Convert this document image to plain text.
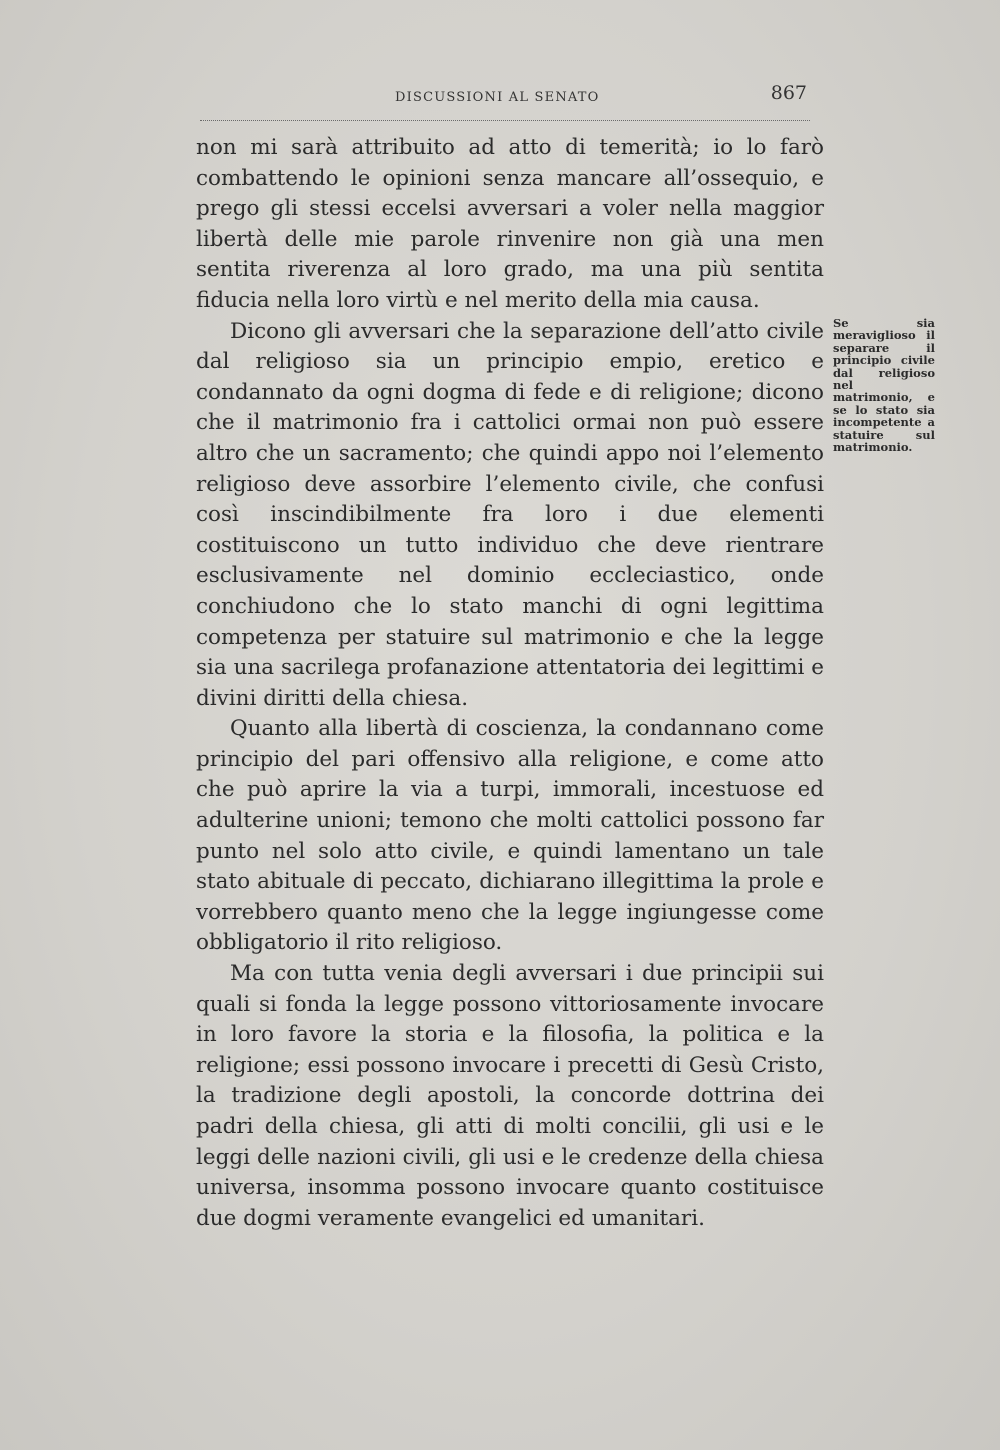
DISCUSSIONI AL SENATO	867

non mi sarà attribuito ad atto di temerità; io lo farò combattendo le opinioni senza mancare all’ossequio, e prego gli stessi eccelsi avversari a voler nella maggior libertà delle mie parole rinvenire non già una men sentita riverenza al loro grado, ma una più sentita fiducia nella loro virtù e nel merito della mia causa.

Dicono gli avversari che la separazione dell’atto civile dal religioso sia un principio empio, eretico e condannato da ogni dogma di fede e di religione; dicono che il matrimonio fra i cattolici ormai non può essere altro che un sacramento; che quindi appo noi l’elemento religioso deve assorbire l’elemento civile, che confusi così inscindibilmente fra loro i due elementi costituiscono un tutto individuo che deve rientrare esclusivamente nel dominio eccleciastico, onde conchiudono che lo stato manchi di ogni legittima competenza per statuire sul matrimonio e che la legge sia una sacrilega profanazione attentatoria dei legittimi e divini diritti della chiesa.

Quanto alla libertà di coscienza, la condannano come principio del pari offensivo alla religione, e come atto che può aprire la via a turpi, immorali, incestuose ed adulterine unioni; temono che molti cattolici possono far punto nel solo atto civile, e quindi lamentano un tale stato abituale di peccato, dichiarano illegittima la prole e vorrebbero quanto meno che la legge ingiungesse come obbligatorio il rito religioso.

Ma con tutta venia degli avversari i due principii sui quali si fonda la legge possono vittoriosamente invocare in loro favore la storia e la filosofia, la politica e la religione; essi possono invocare i precetti di Gesù Cristo, la tradizione degli apostoli, la concorde dottrina dei padri della chiesa, gli atti di molti concilii, gli usi e le leggi delle nazioni civili, gli usi e le credenze della chiesa universa, insomma possono invocare quanto costituisce due dogmi veramente evangelici ed umanitari.

Se sia meraviglioso il separare il principio civile dal religioso nel matrimonio, e se lo stato sia incompetente a statuire sul matrimonio.
